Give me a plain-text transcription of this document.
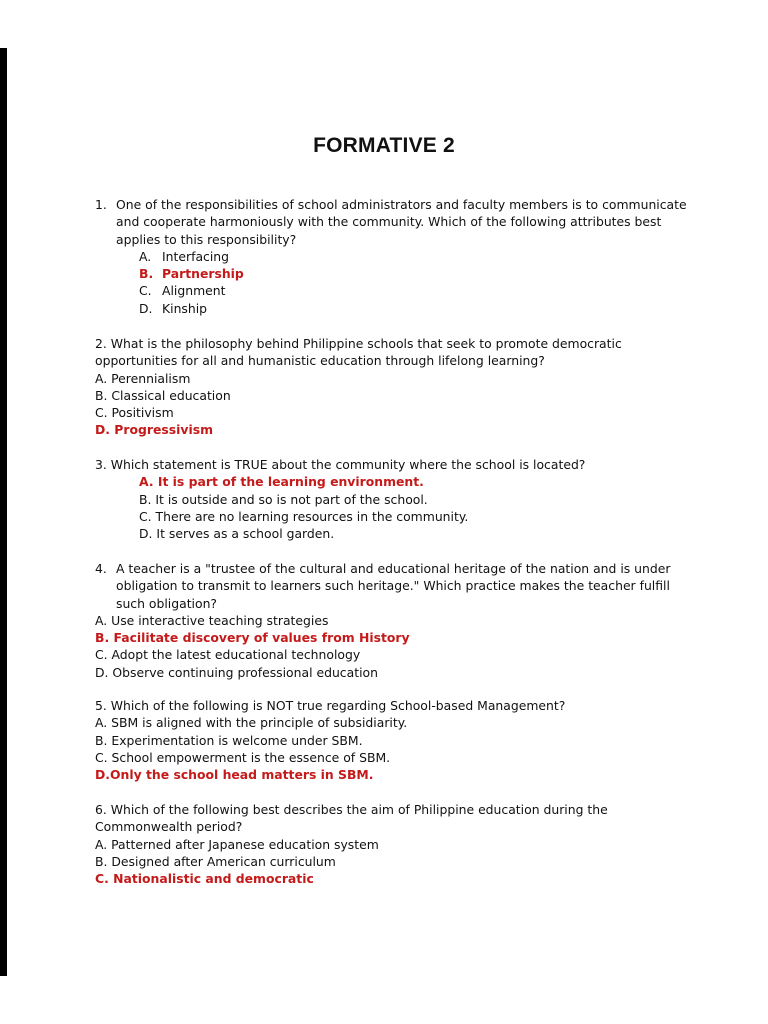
FORMATIVE 2
1. One of the responsibilities of school administrators and faculty members is to communicate
and cooperate harmoniously with the community. Which of the following attributes best
applies to this responsibility?
A. Interfacing
B. Partnership
C. Alignment
D. Kinship
2. What is the philosophy behind Philippine schools that seek to promote democratic
opportunities for all and humanistic education through lifelong learning?
A. Perennialism
B. Classical education
C. Positivism
D. Progressivism
3. Which statement is TRUE about the community where the school is located?
A. It is part of the learning environment.
B. It is outside and so is not part of the school.
C. There are no learning resources in the community.
D. It serves as a school garden.
4. A teacher is a "trustee of the cultural and educational heritage of the nation and is under
obligation to transmit to learners such heritage." Which practice makes the teacher fulfill
such obligation?
A. Use interactive teaching strategies
B. Facilitate discovery of values from History
C. Adopt the latest educational technology
D. Observe continuing professional education
5. Which of the following is NOT true regarding School-based Management?
A. SBM is aligned with the principle of subsidiarity.
B. Experimentation is welcome under SBM.
C. School empowerment is the essence of SBM.
D.Only the school head matters in SBM.
6. Which of the following best describes the aim of Philippine education during the
Commonwealth period?
A. Patterned after Japanese education system
B. Designed after American curriculum
C. Nationalistic and democratic
